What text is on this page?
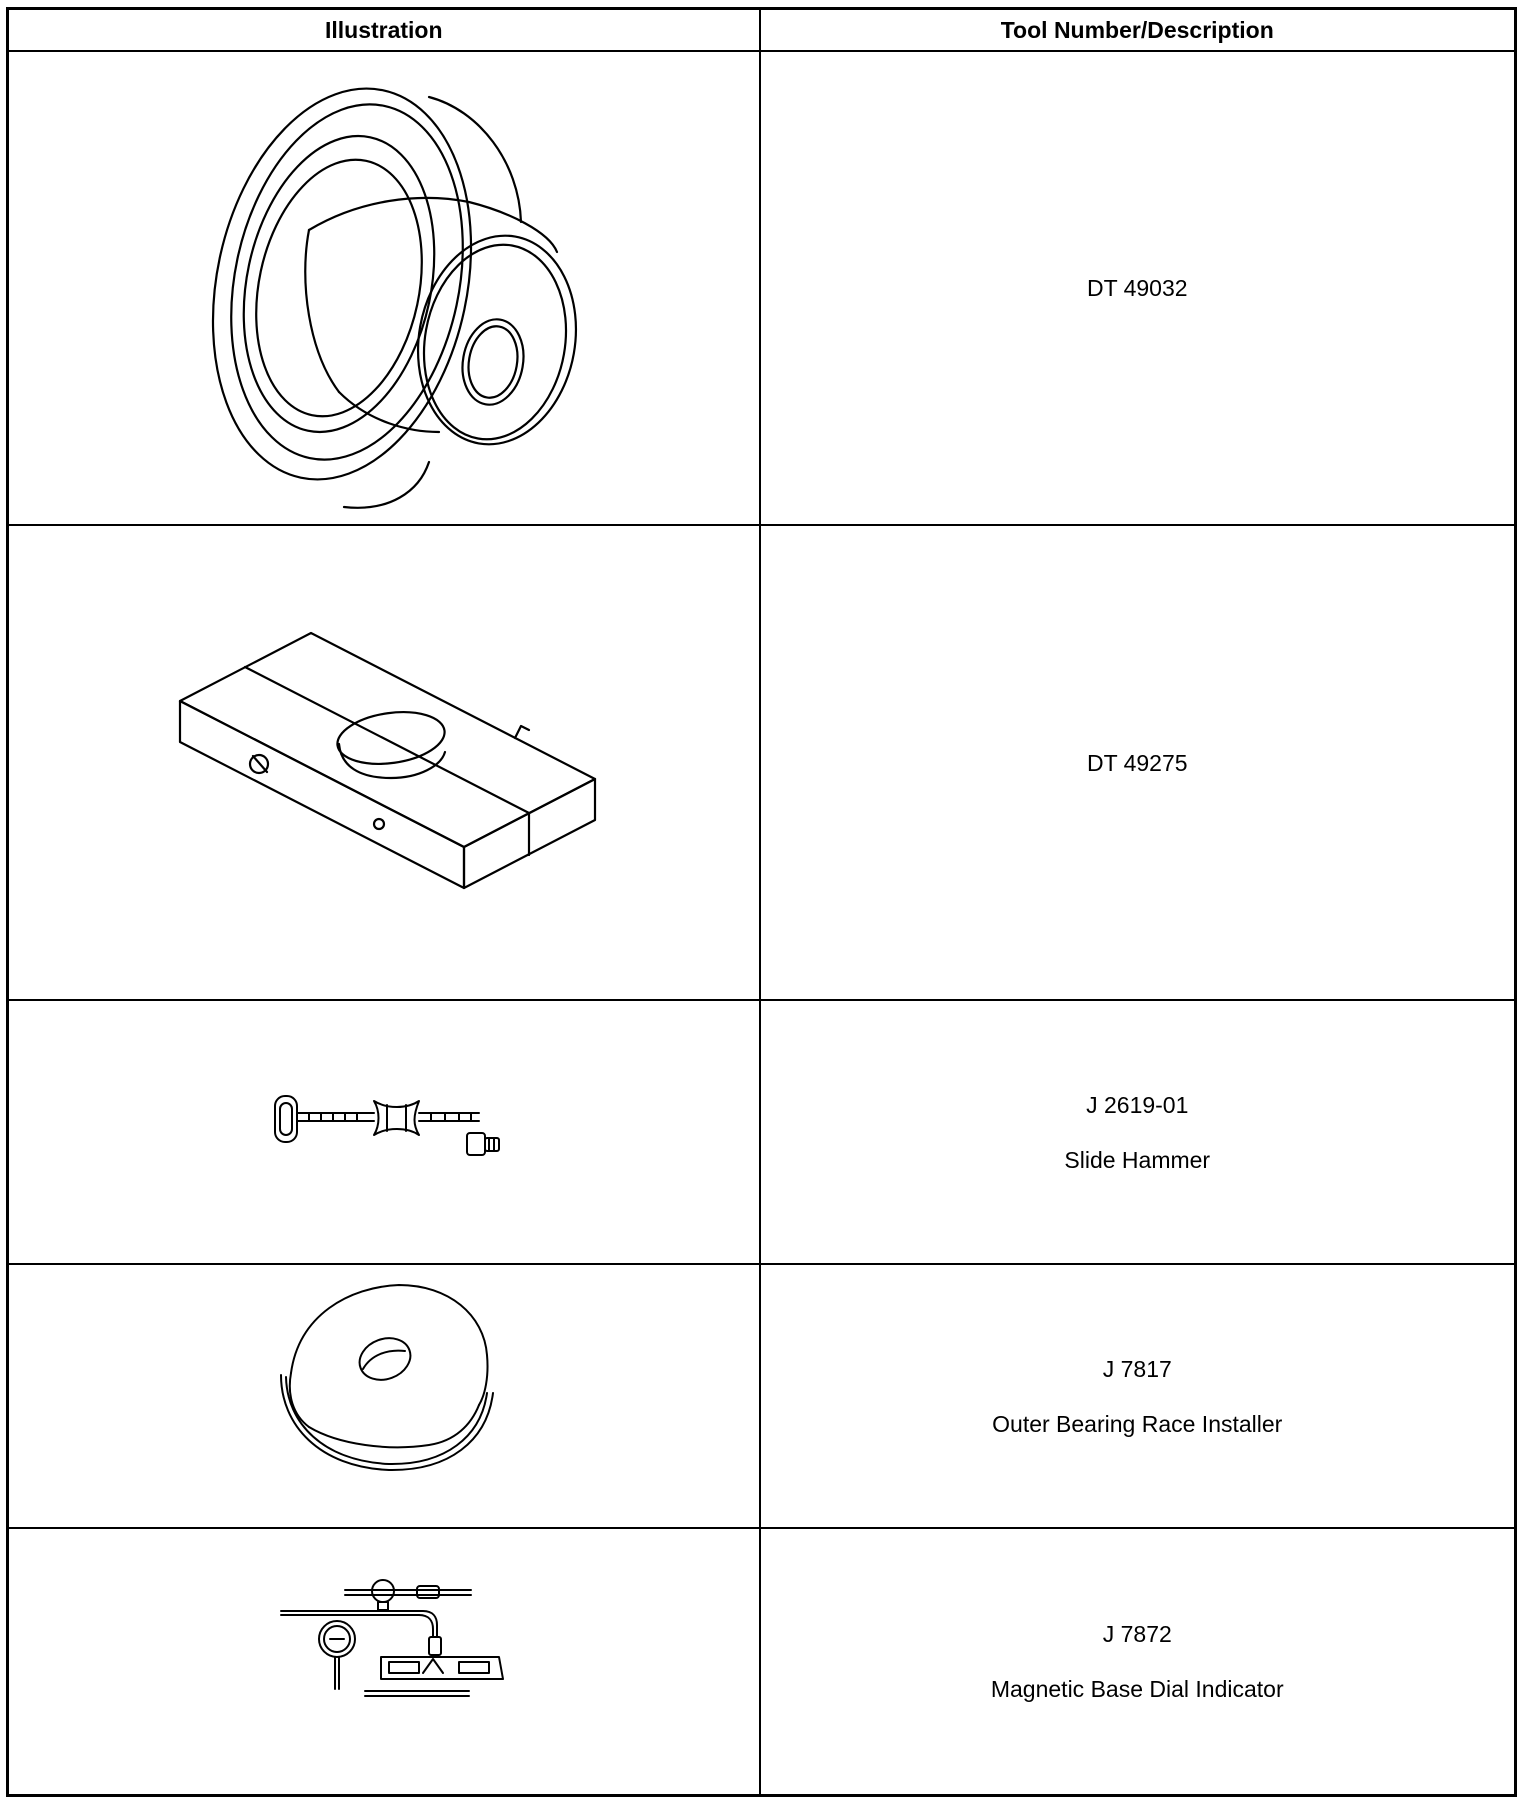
Illustration	Tool Number/Description

DT 49032

DT 49275

J 2619-01
Slide Hammer

J 7817
Outer Bearing Race Installer

J 7872
Magnetic Base Dial Indicator
